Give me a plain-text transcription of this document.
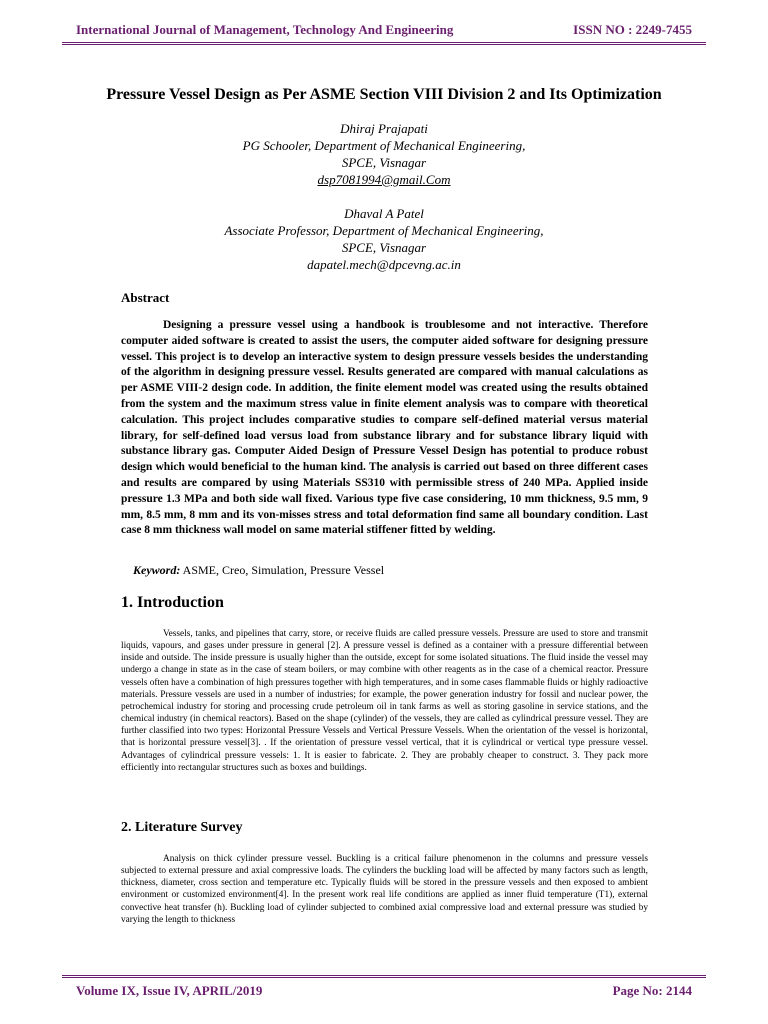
International Journal of Management, Technology And Engineering	ISSN NO : 2249-7455
Pressure Vessel Design as Per ASME Section VIII Division 2 and Its Optimization
Dhiraj Prajapati
PG Schooler, Department of Mechanical Engineering,
SPCE, Visnagar
dsp7081994@gmail.Com
Dhaval A Patel
Associate Professor, Department of Mechanical Engineering,
SPCE, Visnagar
dapatel.mech@dpcevng.ac.in
Abstract
Designing a pressure vessel using a handbook is troublesome and not interactive. Therefore computer aided software is created to assist the users, the computer aided software for designing pressure vessel. This project is to develop an interactive system to design pressure vessels besides the understanding of the algorithm in designing pressure vessel. Results generated are compared with manual calculations as per ASME VIII-2 design code. In addition, the finite element model was created using the results obtained from the system and the maximum stress value in finite element analysis was to compare with theoretical calculation. This project includes comparative studies to compare self-defined material versus material library, for self-defined load versus load from substance library and for substance library liquid with substance library gas. Computer Aided Design of Pressure Vessel Design has potential to produce robust design which would beneficial to the human kind. The analysis is carried out based on three different cases and results are compared by using Materials SS310 with permissible stress of 240 MPa. Applied inside pressure 1.3 MPa and both side wall fixed. Various type five case considering, 10 mm thickness, 9.5 mm, 9 mm, 8.5 mm, 8 mm and its von-misses stress and total deformation find same all boundary condition. Last case 8 mm thickness wall model on same material stiffener fitted by welding.
Keyword: ASME, Creo, Simulation, Pressure Vessel
1. Introduction
Vessels, tanks, and pipelines that carry, store, or receive fluids are called pressure vessels. Pressure are used to store and transmit liquids, vapours, and gases under pressure in general [2]. A pressure vessel is defined as a container with a pressure differential between inside and outside. The inside pressure is usually higher than the outside, except for some isolated situations. The fluid inside the vessel may undergo a change in state as in the case of steam boilers, or may combine with other reagents as in the case of a chemical reactor. Pressure vessels often have a combination of high pressures together with high temperatures, and in some cases flammable fluids or highly radioactive materials. Pressure vessels are used in a number of industries; for example, the power generation industry for fossil and nuclear power, the petrochemical industry for storing and processing crude petroleum oil in tank farms as well as storing gasoline in service stations, and the chemical industry (in chemical reactors). Based on the shape (cylinder) of the vessels, they are called as cylindrical pressure vessel. They are further classified into two types: Horizontal Pressure Vessels and Vertical Pressure Vessels. When the orientation of the vessel is horizontal, that is horizontal pressure vessel[3]. . If the orientation of pressure vessel vertical, that it is cylindrical or vertical type pressure vessel. Advantages of cylindrical pressure vessels: 1. It is easier to fabricate. 2. They are probably cheaper to construct. 3. They pack more efficiently into rectangular structures such as boxes and buildings.
2. Literature Survey
Analysis on thick cylinder pressure vessel. Buckling is a critical failure phenomenon in the columns and pressure vessels subjected to external pressure and axial compressive loads. The cylinders the buckling load will be affected by many factors such as length, thickness, diameter, cross section and temperature etc. Typically fluids will be stored in the pressure vessels and then exposed to ambient environment or customized environment[4]. In the present work real life conditions are applied as inner fluid temperature (T1), external convective heat transfer (h). Buckling load of cylinder subjected to combined axial compressive load and external pressure was studied by varying the length to thickness
Volume IX, Issue IV, APRIL/2019	Page No: 2144
